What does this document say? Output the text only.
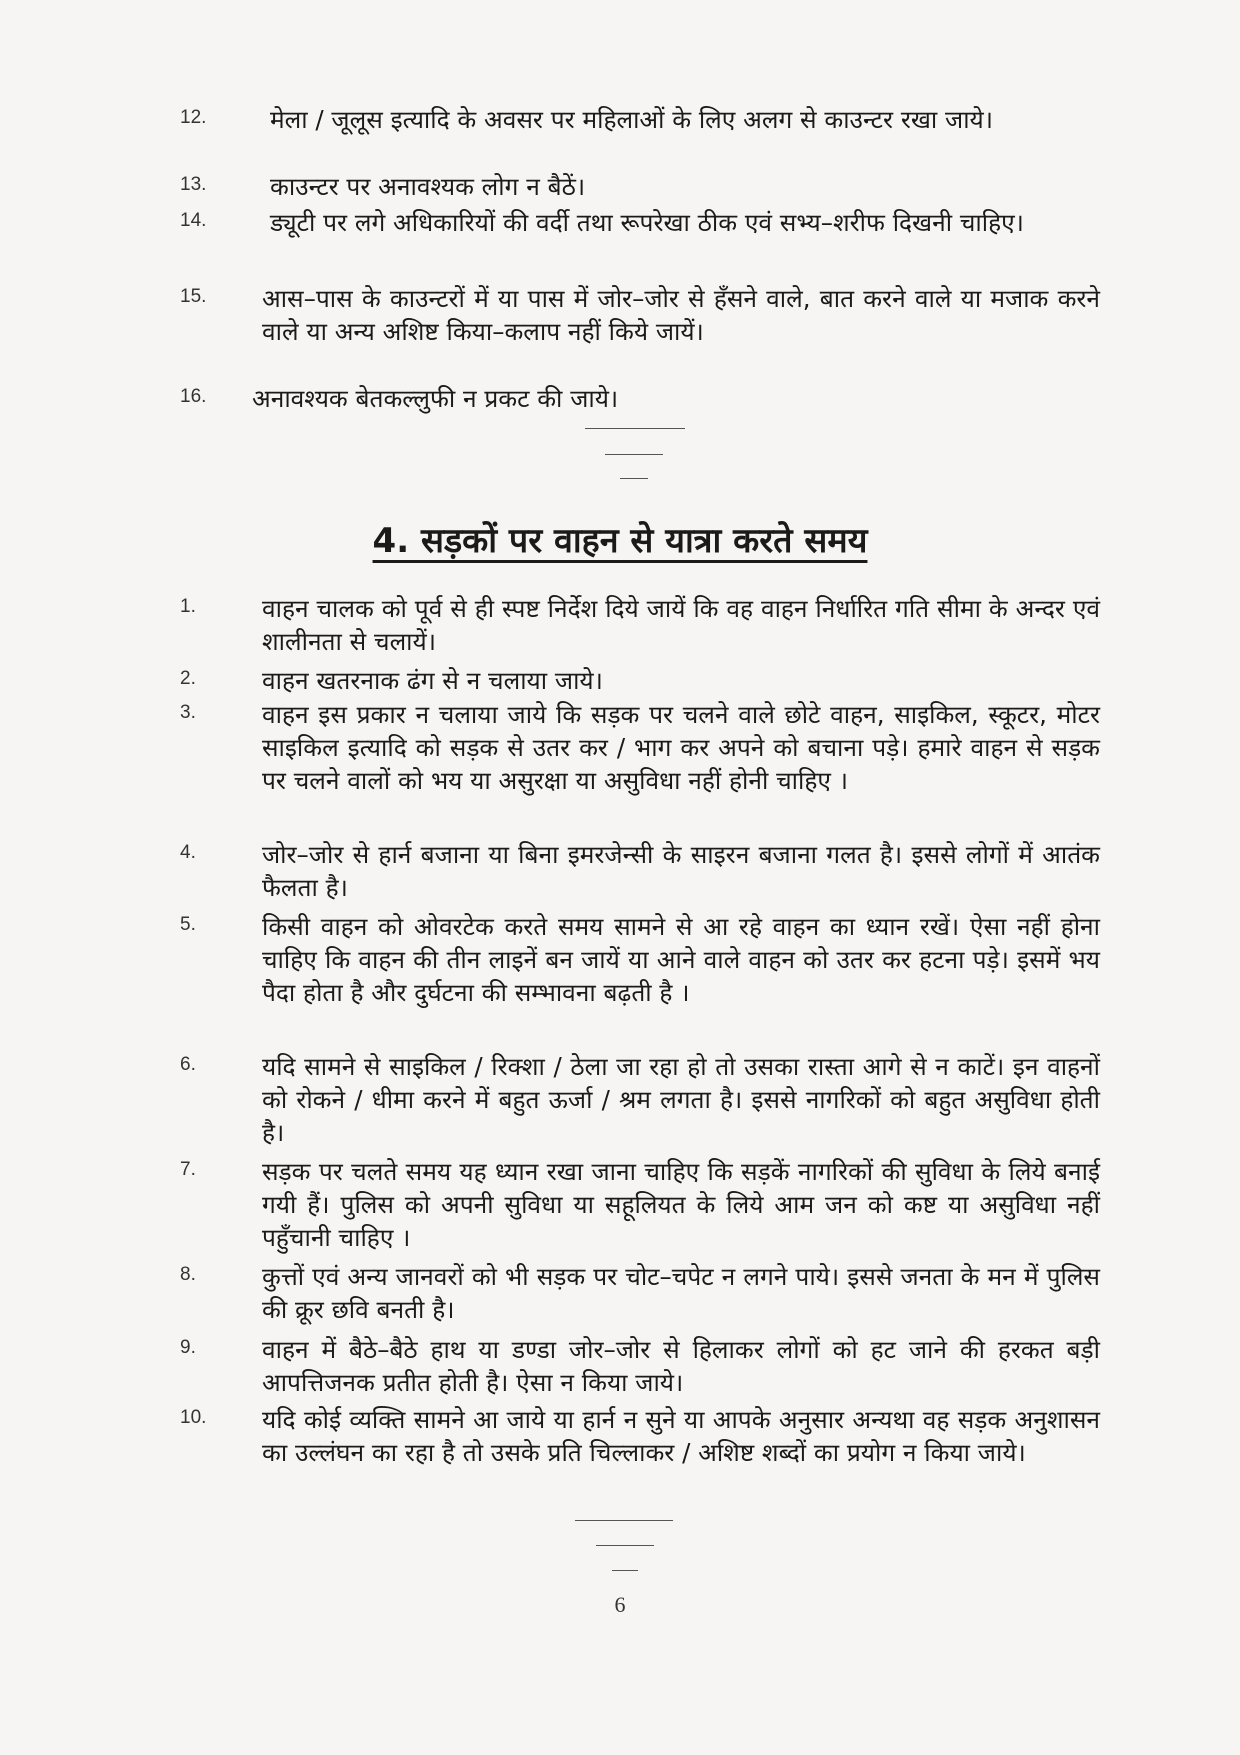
12.	मेला / जूलूस इत्यादि के अवसर पर महिलाओं के लिए अलग से काउन्टर रखा जाये।
13.	काउन्टर पर अनावश्यक लोग न बैठें।
14.	ड्यूटी पर लगे अधिकारियों की वर्दी तथा रूपरेखा ठीक एवं सभ्य–शरीफ दिखनी चाहिए।
15. आस–पास के काउन्टरों में या पास में जोर–जोर से हँसने वाले, बात करने वाले या मजाक करने वाले या अन्य अशिष्ट किया–कलाप नहीं किये जायें।
16. अनावश्यक बेतकल्लुफी न प्रकट की जाये।
4. सड़कों पर वाहन से यात्रा करते समय
1.	वाहन चालक को पूर्व से ही स्पष्ट निर्देश दिये जायें कि वह वाहन निर्धारित गति सीमा के अन्दर एवं शालीनता से चलायें।
2.	वाहन खतरनाक ढंग से न चलाया जाये।
3.	वाहन इस प्रकार न चलाया जाये कि सड़क पर चलने वाले छोटे वाहन, साइकिल, स्कूटर, मोटर साइकिल इत्यादि को सड़क से उतर कर / भाग कर अपने को बचाना पड़े। हमारे वाहन से सड़क पर चलने वालों को भय या असुरक्षा या असुविधा नहीं होनी चाहिए ।
4.	जोर–जोर से हार्न बजाना या बिना इमरजेन्सी के साइरन बजाना गलत है। इससे लोगों में आतंक फैलता है।
5.	किसी वाहन को ओवरटेक करते समय सामने से आ रहे वाहन का ध्यान रखें। ऐसा नहीं होना चाहिए कि वाहन की तीन लाइनें बन जायें या आने वाले वाहन को उतर कर हटना पड़े। इसमें भय पैदा होता है और दुर्घटना की सम्भावना बढ़ती है ।
6.	यदि सामने से साइकिल / रिक्शा / ठेला जा रहा हो तो उसका रास्ता आगे से न काटें। इन वाहनों को रोकने / धीमा करने में बहुत ऊर्जा / श्रम लगता है। इससे नागरिकों को बहुत असुविधा होती है।
7.	सड़क पर चलते समय यह ध्यान रखा जाना चाहिए कि सड़कें नागरिकों की सुविधा के लिये बनाई गयी हैं। पुलिस को अपनी सुविधा या सहूलियत के लिये आम जन को कष्ट या असुविधा नहीं पहुँचानी चाहिए ।
8.	कुत्तों एवं अन्य जानवरों को भी सड़क पर चोट–चपेट न लगने पाये। इससे जनता के मन में पुलिस की क्रूर छवि बनती है।
9.	वाहन में बैठे–बैठे हाथ या डण्डा जोर–जोर से हिलाकर लोगों को हट जाने की हरकत बड़ी आपत्तिजनक प्रतीत होती है। ऐसा न किया जाये।
10. यदि कोई व्यक्ति सामने आ जाये या हार्न न सुने या आपके अनुसार अन्यथा वह सड़क अनुशासन का उल्लंघन का रहा है तो उसके प्रति चिल्लाकर / अशिष्ट शब्दों का प्रयोग न किया जाये।
6
